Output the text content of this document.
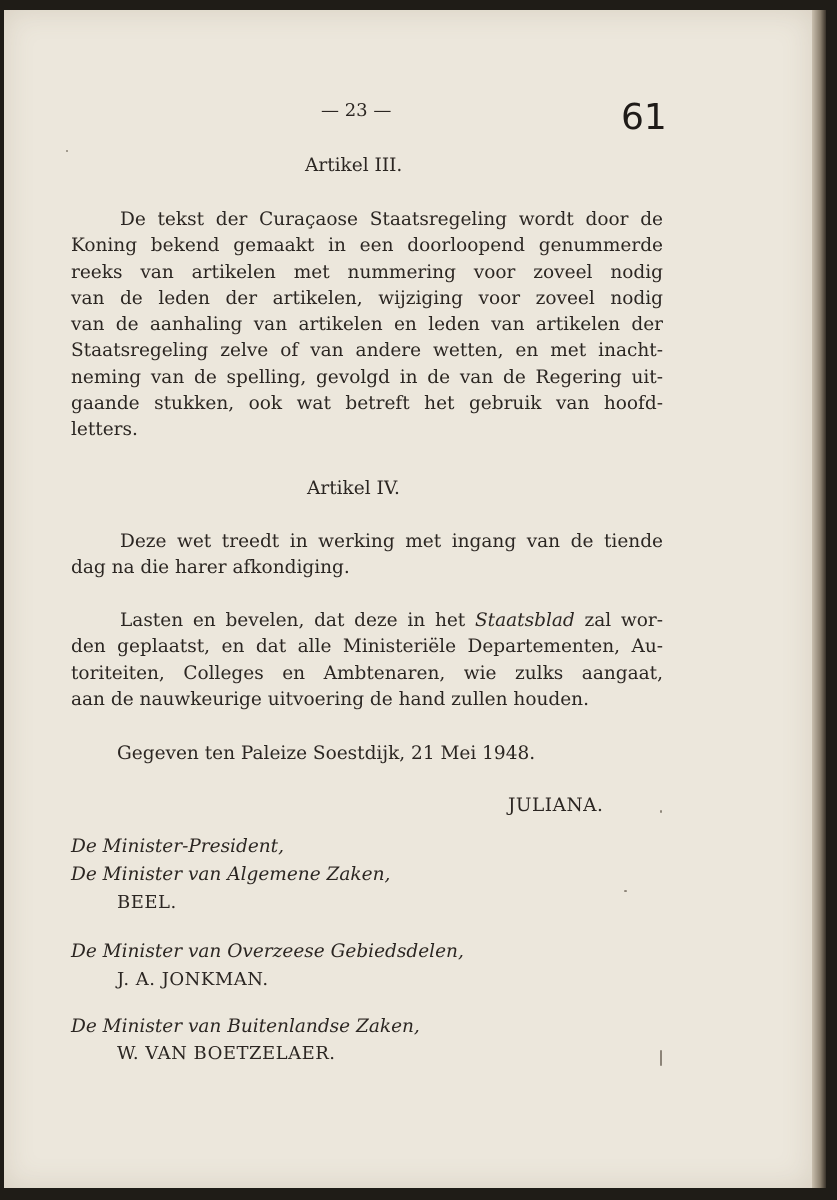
— 23 —	61
Artikel III.
De tekst der Curaçaose Staatsregeling wordt door de
Koning bekend gemaakt in een doorloopend genummerde
reeks van artikelen met nummering voor zoveel nodig
van de leden der artikelen, wijziging voor zoveel nodig
van de aanhaling van artikelen en leden van artikelen der
Staatsregeling zelve of van andere wetten, en met inacht-
neming van de spelling, gevolgd in de van de Regering uit-
gaande stukken, ook wat betreft het gebruik van hoofd-
letters.
Artikel IV.
Deze wet treedt in werking met ingang van de tiende
dag na die harer afkondiging.
Lasten en bevelen, dat deze in het Staatsblad zal wor-
den geplaatst, en dat alle Ministeriële Departementen, Au-
toriteiten, Colleges en Ambtenaren, wie zulks aangaat,
aan de nauwkeurige uitvoering de hand zullen houden.
Gegeven ten Paleize Soestdijk, 21 Mei 1948.
JULIANA.
De Minister-President,
De Minister van Algemene Zaken,
BEEL.
De Minister van Overzeese Gebiedsdelen,
J. A. JONKMAN.
De Minister van Buitenlandse Zaken,
W. VAN BOETZELAER.
